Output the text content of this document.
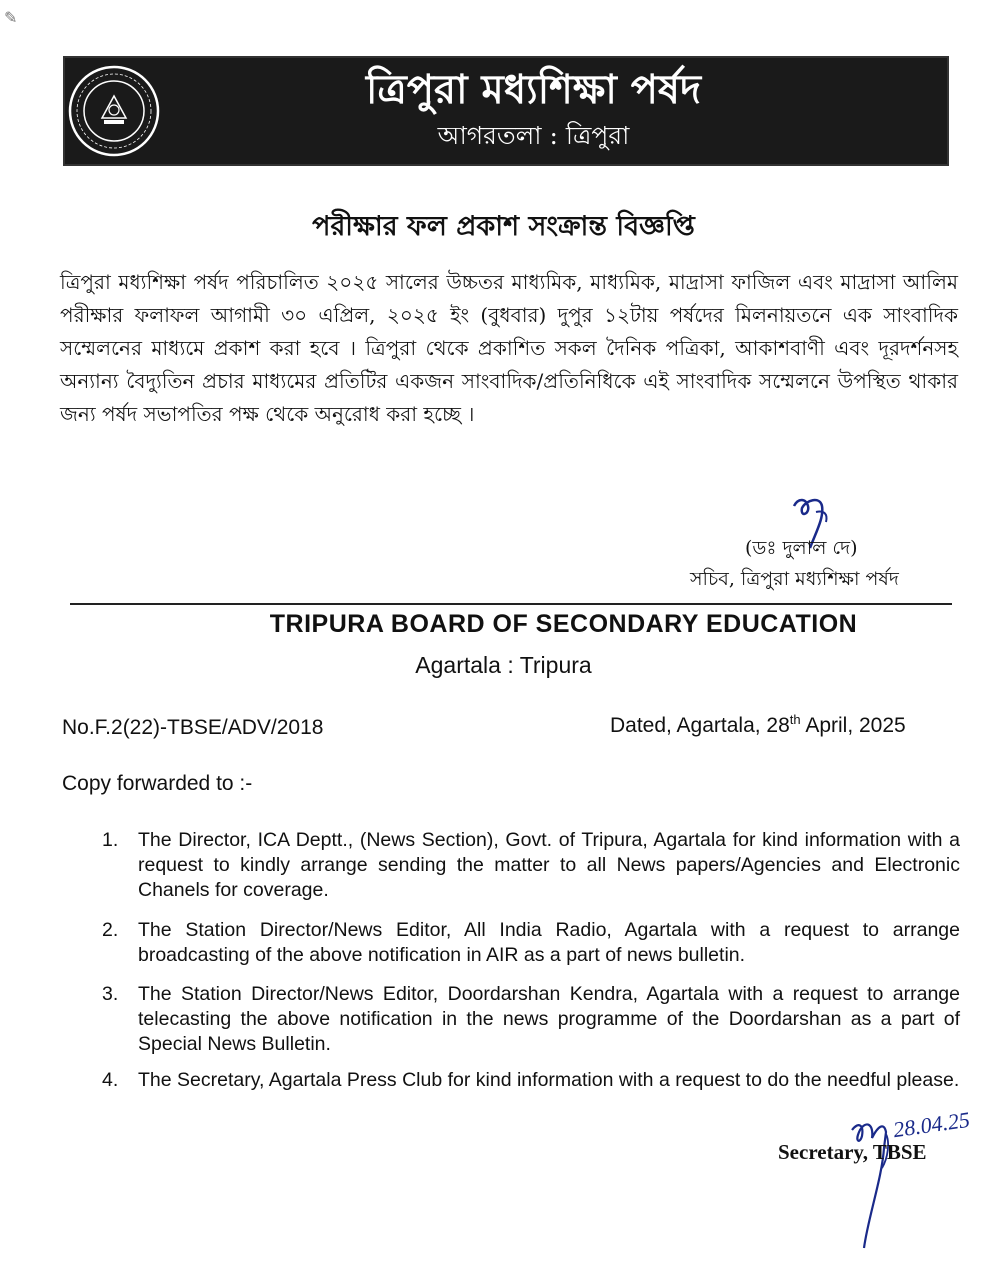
✎
ত্রিপুরা মধ্যশিক্ষা পর্ষদ
আগরতলা : ত্রিপুরা
পরীক্ষার ফল প্রকাশ সংক্রান্ত বিজ্ঞপ্তি
ত্রিপুরা মধ্যশিক্ষা পর্ষদ পরিচালিত ২০২৫ সালের উচ্চতর মাধ্যমিক, মাধ্যমিক, মাদ্রাসা ফাজিল এবং মাদ্রাসা আলিম পরীক্ষার ফলাফল আগামী ৩০ এপ্রিল, ২০২৫ ইং (বুধবার) দুপুর ১২টায় পর্ষদের মিলনায়তনে এক সাংবাদিক সম্মেলনের মাধ্যমে প্রকাশ করা হবে । ত্রিপুরা থেকে প্রকাশিত সকল দৈনিক পত্রিকা, আকাশবাণী এবং দূরদর্শনসহ অন্যান্য বৈদ্যুতিন প্রচার মাধ্যমের প্রতিটির একজন সাংবাদিক/প্রতিনিধিকে এই সাংবাদিক সম্মেলনে উপস্থিত থাকার জন্য পর্ষদ সভাপতির পক্ষ থেকে অনুরোধ করা হচ্ছে ।
(ডঃ দুলাল দে)
সচিব, ত্রিপুরা মধ্যশিক্ষা পর্ষদ
TRIPURA BOARD OF SECONDARY EDUCATION
Agartala : Tripura
No.F.2(22)-TBSE/ADV/2018	Dated, Agartala, 28th April, 2025
Copy forwarded to :-
1.	The Director, ICA Deptt., (News Section), Govt. of Tripura, Agartala for kind information with a request to kindly arrange sending the matter to all News papers/Agencies and Electronic Chanels for coverage.
2.	The Station Director/News Editor, All India Radio, Agartala with a request to arrange broadcasting of the above notification in AIR as a part of news bulletin.
3.	The Station Director/News Editor, Doordarshan Kendra, Agartala with a request to arrange telecasting the above notification in the news programme of the Doordarshan as a part of Special News Bulletin.
4.	The Secretary, Agartala Press Club for kind information with a request to do the needful please.
28.04.25
Secretary, TBSE
